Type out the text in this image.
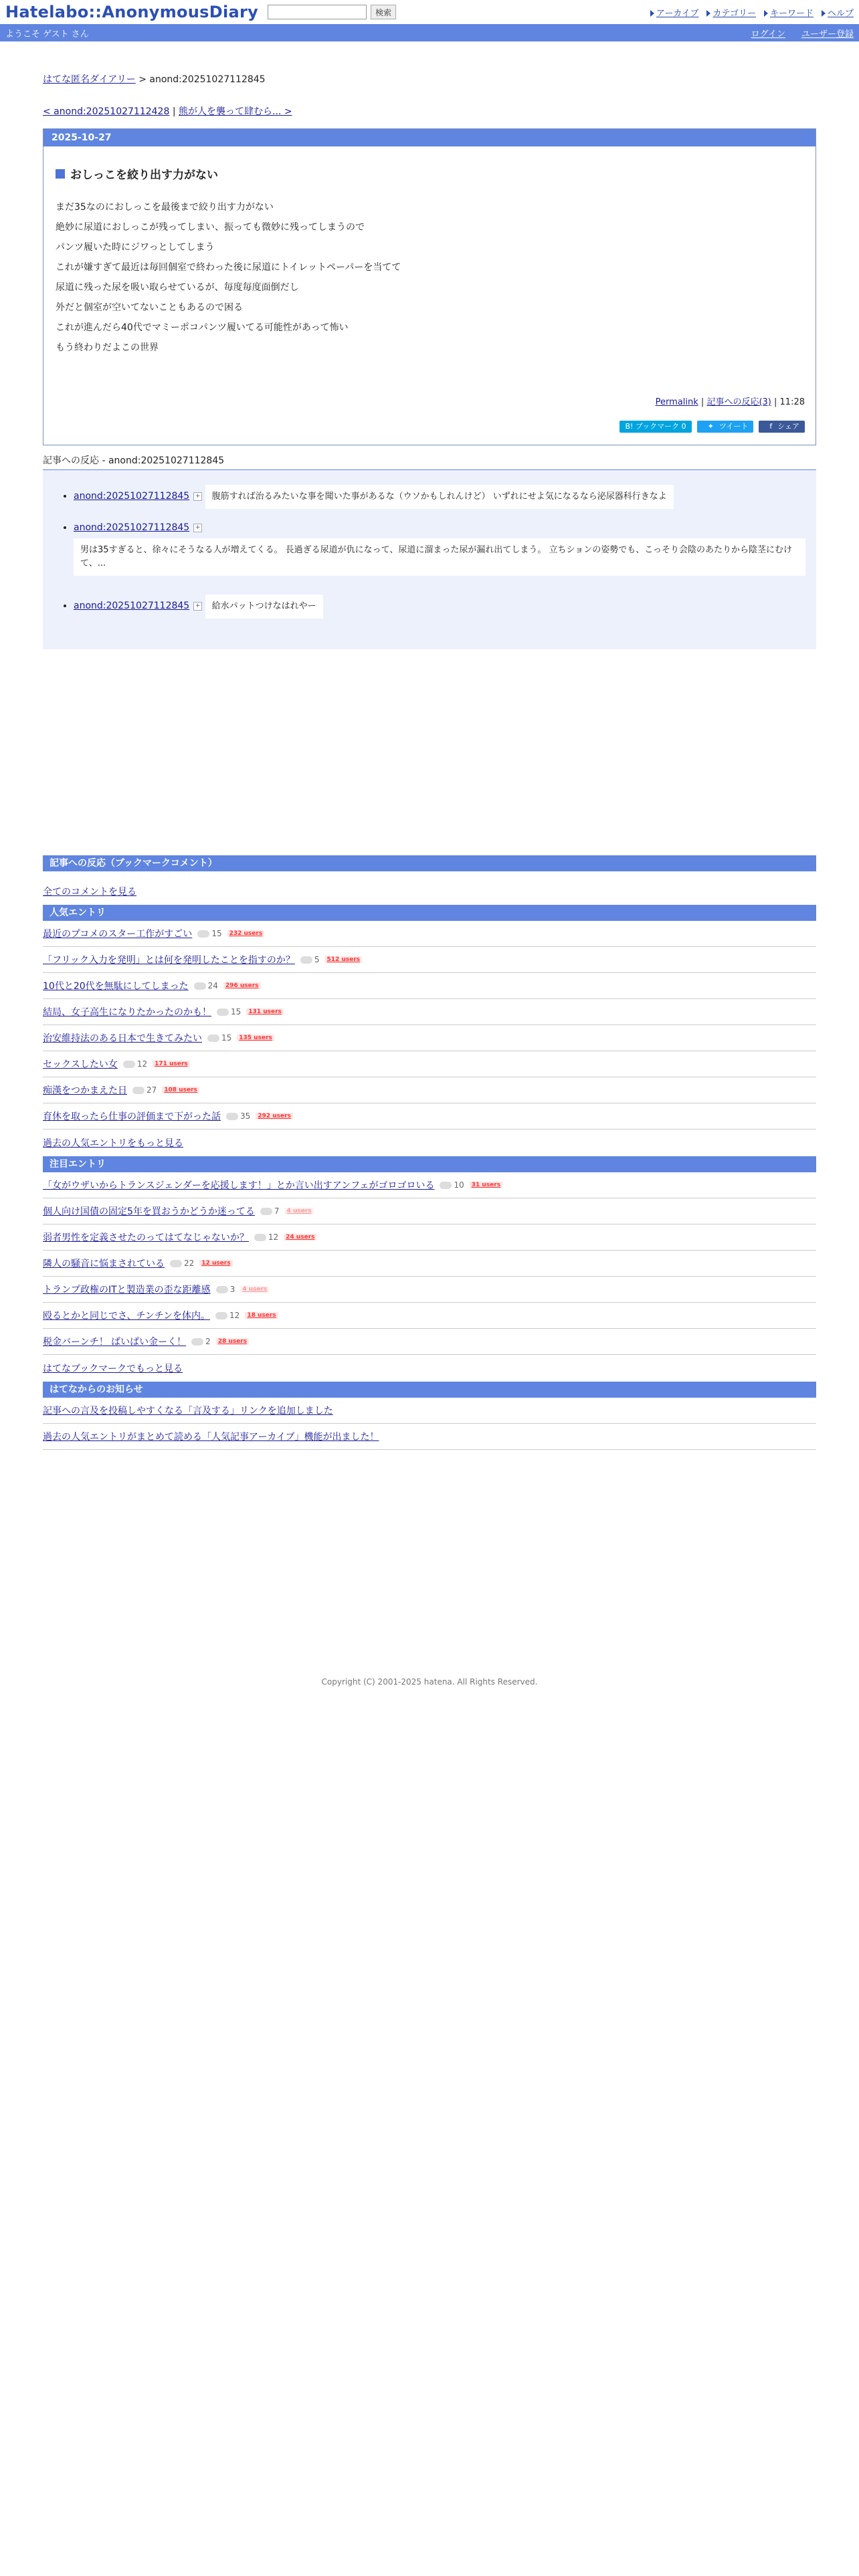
Hatelabo::AnonymousDiary	検索	アーカイブ	カテゴリー	キーワード	ヘルプ
ようこそ ゲスト さん	ログイン ユーザー登録
はてな匿名ダイアリー > anond:20251027112845
< anond:20251027112428 | 熊が人を襲って肆むら... >
2025-10-27
おしっこを絞り出す力がない

まだ35なのにおしっこを最後まで絞り出す力がない

絶妙に尿道におしっこが残ってしまい、振っても微妙に残ってしまうので

パンツ履いた時にジワっとしてしまう

これが嫌すぎて最近は毎回個室で終わった後に尿道にトイレットペーパーを当てて

尿道に残った尿を吸い取らせているが、毎度毎度面倒だし

外だと個室が空いてないこともあるので困る

これが進んだら40代でマミーポコパンツ履いてる可能性があって怖い

もう終わりだよこの世界

Permalink | 記事への反応(3) | 11:28
B! ブックマーク 0	✦ツイート	fシェア
記事への反応 - anond:20251027112845
• anond:20251027112845 + 腹筋すれば治るみたいな事を聞いた事があるな（ウソかもしれんけど） いずれにせよ気になるなら泌尿器科行きなよ
• anond:20251027112845 +
男は35すぎると、徐々にそうなる人が増えてくる。 長過ぎる尿道が仇になって、尿道に溜まった尿が漏れ出てしまう。 立ちションの姿勢でも、こっそり会陰のあたりから陰茎にむけて、...
• anond:20251027112845 + 給水パットつけなはれやー
記事への反応（ブックマークコメント）
全てのコメントを見る
人気エントリ
最近のプコメのスター工作がすごい 15	232 users
「フリック入力を発明」とは何を発明したことを指すのか？ 5	512 users
10代と20代を無駄にしてしまった 24	296 users
結局、女子高生になりたかったのかも！ 15	131 users
治安維持法のある日本で生きてみたい 15	135 users
セックスしたい女 12	171 users
痴漢をつかまえた日 27	108 users
育休を取ったら仕事の評価まで下がった話 35	292 users
過去の人気エントリをもっと見る
注目エントリ
「女がウザいからトランスジェンダーを応援します！」とか言い出すアンフェがゴロゴロいる 10	31 users
個人向け国債の固定5年を買おうかどうか迷ってる 7	4 users
弱者男性を定義させたのってはてなじゃないか？ 12	24 users
隣人の騒音に悩まされている 22	12 users
トランプ政権のITと製造業の歪な距離感 3	4 users
殴るとかと同じでさ、チンチンを体内。 12	18 users
税金バーンチ！ ぱいぱい金ーく！ 2	28 users
はてなブックマークでもっと見る
はてなからのお知らせ
記事への言及を投稿しやすくなる「言及する」リンクを追加しました
過去の人気エントリがまとめて読める「人気記事アーカイブ」機能が出ました！
Copyright (C) 2001-2025 hatena. All Rights Reserved.
